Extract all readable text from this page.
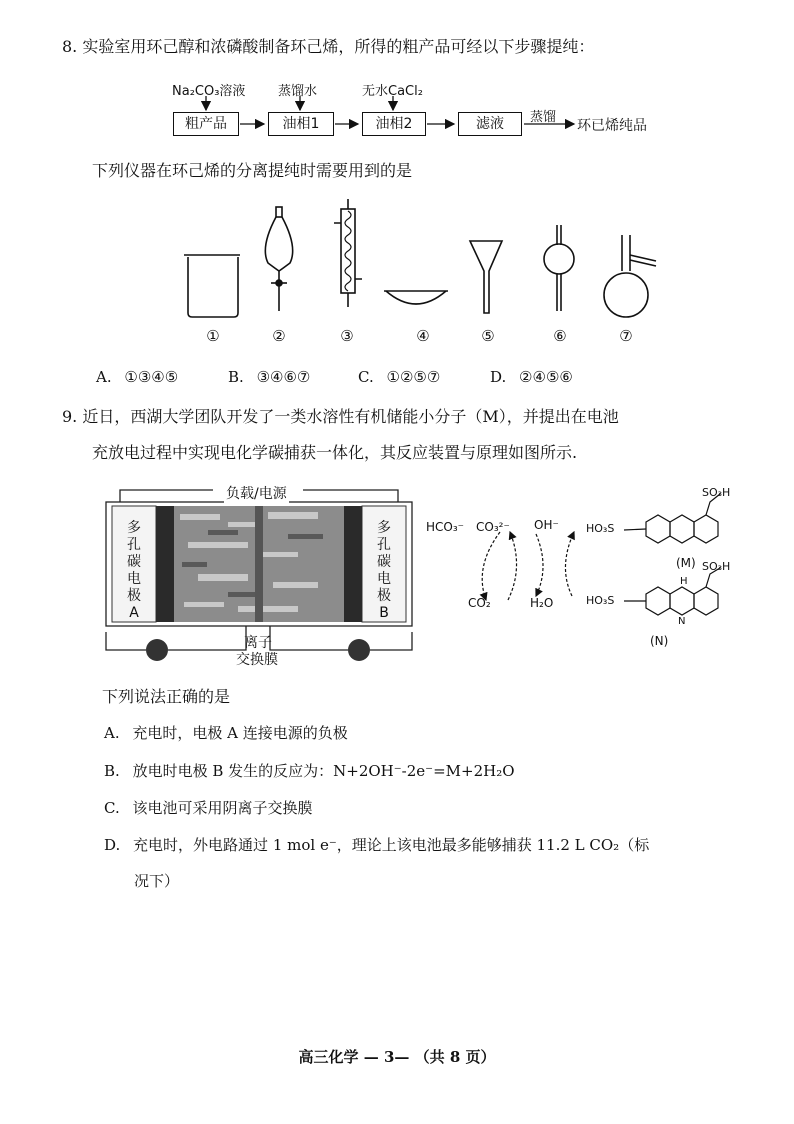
8. 实验室用环己醇和浓磷酸制备环己烯，所得的粗产品可经以下步骤提纯：
Na₂CO₃溶液	蒸馏水	无水CaCl₂
粗产品	油相1	油相2	滤液	蒸馏
环已烯纯品
下列仪器在环己烯的分离提纯时需要用到的是
①	②	③	④	⑤	⑥	⑦
A. ①③④⑤	B. ③④⑥⑦	C. ①②⑤⑦	D. ②④⑤⑥
9. 近日，西湖大学团队开发了一类水溶性有机储能小分子（M），并提出在电池
充放电过程中实现电化学碳捕获一体化，其反应装置与原理如图所示.
负载/电源
多
孔
碳
电
极
A
多
孔
碳
电
极
B
离子
交换膜
HCO₃⁻ CO₃²⁻ OH⁻
CO₂	H₂O
SO₃H
HO₃S
(M) SO₃H
H
HO₃S
N
(N)
下列说法正确的是
A. 充电时，电极 A 连接电源的负极
B. 放电时电极 B 发生的反应为：N+2OH⁻-2e⁻=M+2H₂O
C. 该电池可采用阴离子交换膜
D. 充电时，外电路通过 1 mol e⁻，理论上该电池最多能够捕获 11.2 L CO₂（标
况下）
高三化学 — 3— （共 8 页）
